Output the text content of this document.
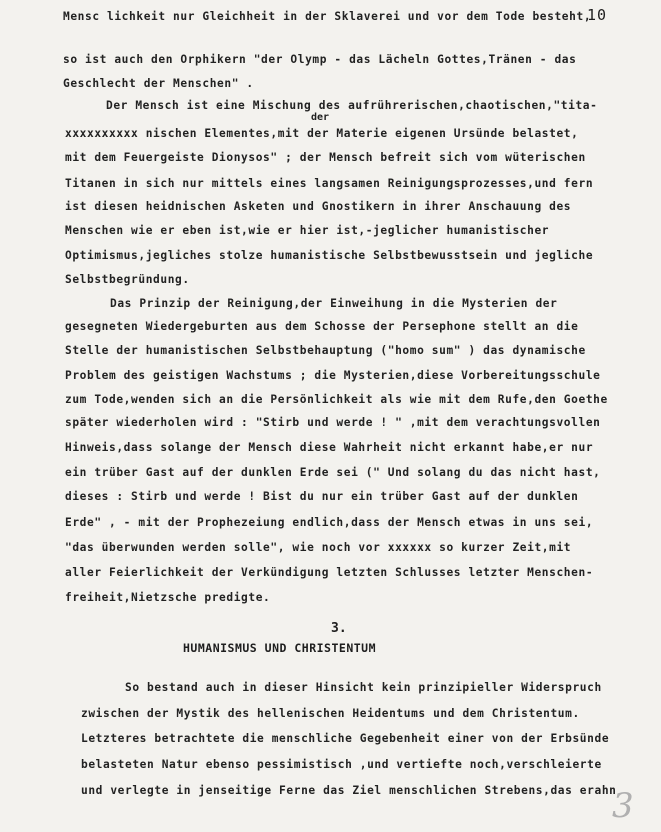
10
Mensc lichkeit nur Gleichheit in der Sklaverei und vor dem Tode besteht,
so ist auch den Orphikern "der Olymp - das Lächeln Gottes,Tränen - das
Geschlecht der Menschen" .
Der Mensch ist eine Mischung des aufrührerischen,chaotischen,"tita-
der
xxxxxxxxxx nischen Elementes,mit der Materie eigenen Ursünde belastet,
mit dem Feuergeiste Dionysos" ; der Mensch befreit sich vom wüterischen
Titanen in sich nur mittels eines langsamen Reinigungsprozesses,und fern
ist diesen heidnischen Asketen und Gnostikern in ihrer Anschauung des
Menschen wie er eben ist,wie er hier ist,-jeglicher humanistischer
Optimismus,jegliches stolze humanistische Selbstbewusstsein und jegliche
Selbstbegründung.
Das Prinzip der Reinigung,der Einweihung in die Mysterien der
gesegneten Wiedergeburten aus dem Schosse der Persephone stellt an die
Stelle der humanistischen Selbstbehauptung ("homo sum" ) das dynamische
Problem des geistigen Wachstums ; die Mysterien,diese Vorbereitungsschule
zum Tode,wenden sich an die Persönlichkeit als wie mit dem Rufe,den Goethe
später wiederholen wird : "Stirb und werde ! " ,mit dem verachtungsvollen
Hinweis,dass solange der Mensch diese Wahrheit nicht erkannt habe,er nur
ein trüber Gast auf der dunklen Erde sei (" Und solang du das nicht hast,
dieses : Stirb und werde ! Bist du nur ein trüber Gast auf der dunklen
Erde" , - mit der Prophezeiung endlich,dass der Mensch etwas in uns sei,
"das überwunden werden solle", wie noch vor xxxxxx so kurzer Zeit,mit
aller Feierlichkeit der Verkündigung letzten Schlusses letzter Menschen-
freiheit,Nietzsche predigte.
3.
HUMANISMUS UND CHRISTENTUM
So bestand auch in dieser Hinsicht kein prinzipieller Widerspruch
zwischen der Mystik des hellenischen Heidentums und dem Christentum.
Letzteres betrachtete die menschliche Gegebenheit einer von der Erbsünde
belasteten Natur ebenso pessimistisch ,und vertiefte noch,verschleierte
und verlegte in jenseitige Ferne das Ziel menschlichen Strebens,das erahn
3
